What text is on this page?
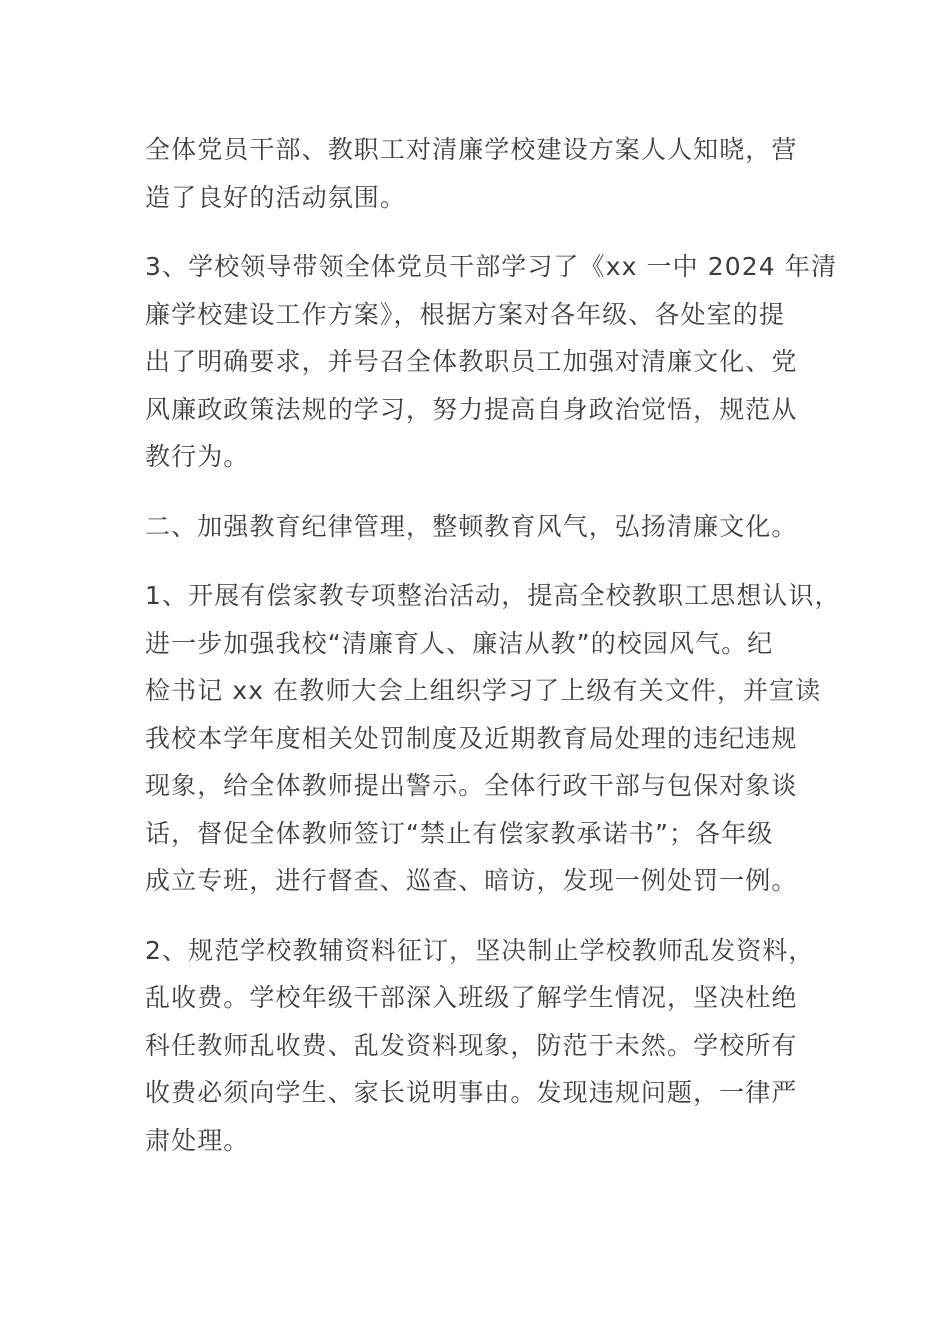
全体党员干部、教职工对清廉学校建设方案人人知晓，营
造了良好的活动氛围。
3、学校领导带领全体党员干部学习了《xx 一中 2024 年清
廉学校建设工作方案》，根据方案对各年级、各处室的提
出了明确要求，并号召全体教职员工加强对清廉文化、党
风廉政政策法规的学习，努力提高自身政治觉悟，规范从
教行为。
二、加强教育纪律管理，整顿教育风气，弘扬清廉文化。
1、开展有偿家教专项整治活动，提高全校教职工思想认识，
进一步加强我校“清廉育人、廉洁从教”的校园风气。纪
检书记 xx 在教师大会上组织学习了上级有关文件，并宣读
我校本学年度相关处罚制度及近期教育局处理的违纪违规
现象，给全体教师提出警示。全体行政干部与包保对象谈
话，督促全体教师签订“禁止有偿家教承诺书”；各年级
成立专班，进行督查、巡查、暗访，发现一例处罚一例。
2、规范学校教辅资料征订，坚决制止学校教师乱发资料，
乱收费。学校年级干部深入班级了解学生情况，坚决杜绝
科任教师乱收费、乱发资料现象，防范于未然。学校所有
收费必须向学生、家长说明事由。发现违规问题，一律严
肃处理。
